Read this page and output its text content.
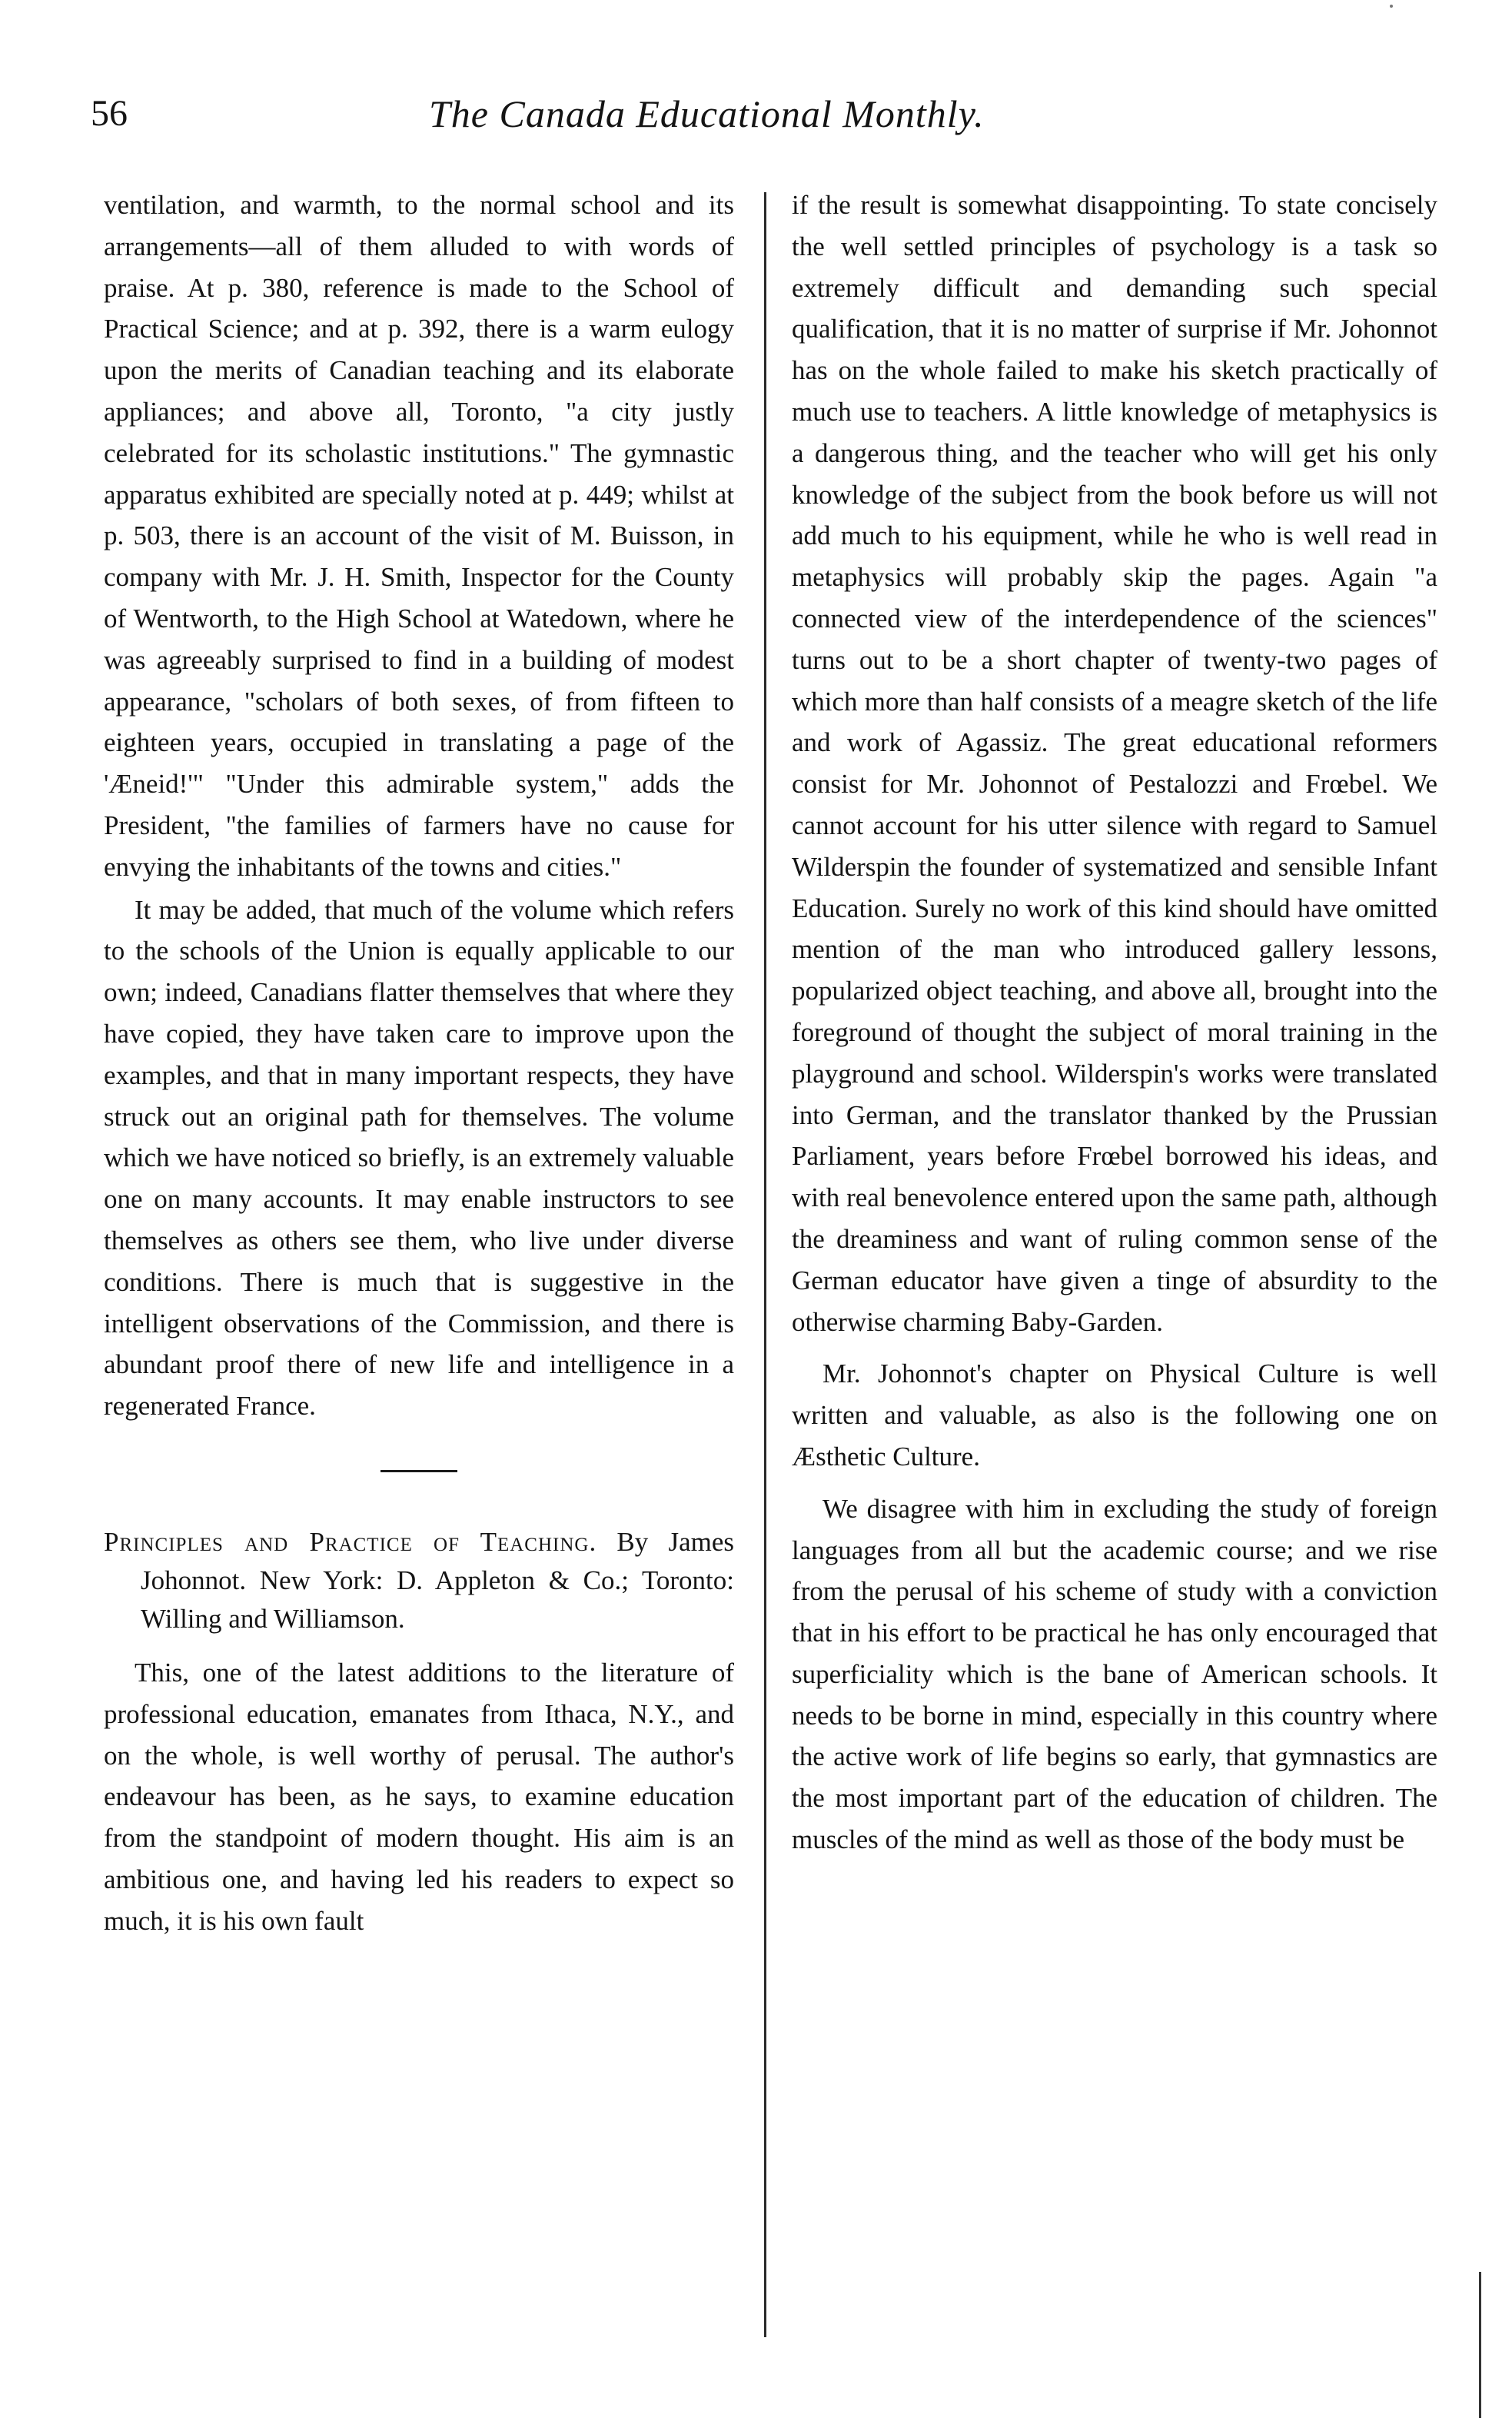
56	The Canada Educational Monthly.

ventilation, and warmth, to the normal school and its arrangements—all of them alluded to with words of praise. At p. 380, reference is made to the School of Practical Science; and at p. 392, there is a warm eulogy upon the merits of Canadian teaching and its elaborate appliances; and above all, Toronto, "a city justly celebrated for its scholastic institutions." The gymnastic apparatus exhibited are specially noted at p. 449; whilst at p. 503, there is an account of the visit of M. Buisson, in company with Mr. J. H. Smith, Inspector for the County of Wentworth, to the High School at Watedown, where he was agreeably surprised to find in a building of modest appearance, "scholars of both sexes, of from fifteen to eighteen years, occupied in translating a page of the 'Æneid!'" "Under this admirable system," adds the President, "the families of farmers have no cause for envying the inhabitants of the towns and cities."

It may be added, that much of the volume which refers to the schools of the Union is equally applicable to our own; indeed, Canadians flatter themselves that where they have copied, they have taken care to improve upon the examples, and that in many important respects, they have struck out an original path for themselves. The volume which we have noticed so briefly, is an extremely valuable one on many accounts. It may enable instructors to see themselves as others see them, who live under diverse conditions. There is much that is suggestive in the intelligent observations of the Commission, and there is abundant proof there of new life and intelligence in a regenerated France.

Principles and Practice of Teaching. By James Johonnot. New York: D. Appleton & Co.; Toronto: Willing and Williamson.

This, one of the latest additions to the literature of professional education, emanates from Ithaca, N.Y., and on the whole, is well worthy of perusal. The author's endeavour has been, as he says, to examine education from the standpoint of modern thought. His aim is an ambitious one, and having led his readers to expect so much, it is his own fault

if the result is somewhat disappointing. To state concisely the well settled principles of psychology is a task so extremely difficult and demanding such special qualification, that it is no matter of surprise if Mr. Johonnot has on the whole failed to make his sketch practically of much use to teachers. A little knowledge of metaphysics is a dangerous thing, and the teacher who will get his only knowledge of the subject from the book before us will not add much to his equipment, while he who is well read in metaphysics will probably skip the pages. Again "a connected view of the interdependence of the sciences" turns out to be a short chapter of twenty-two pages of which more than half consists of a meagre sketch of the life and work of Agassiz. The great educational reformers consist for Mr. Johonnot of Pestalozzi and Frœbel. We cannot account for his utter silence with regard to Samuel Wilderspin the founder of systematized and sensible Infant Education. Surely no work of this kind should have omitted mention of the man who introduced gallery lessons, popularized object teaching, and above all, brought into the foreground of thought the subject of moral training in the playground and school. Wilderspin's works were translated into German, and the translator thanked by the Prussian Parliament, years before Frœbel borrowed his ideas, and with real benevolence entered upon the same path, although the dreaminess and want of ruling common sense of the German educator have given a tinge of absurdity to the otherwise charming Baby-Garden.

Mr. Johonnot's chapter on Physical Culture is well written and valuable, as also is the following one on Æsthetic Culture.

We disagree with him in excluding the study of foreign languages from all but the academic course; and we rise from the perusal of his scheme of study with a conviction that in his effort to be practical he has only encouraged that superficiality which is the bane of American schools. It needs to be borne in mind, especially in this country where the active work of life begins so early, that gymnastics are the most important part of the education of children. The muscles of the mind as well as those of the body must be
